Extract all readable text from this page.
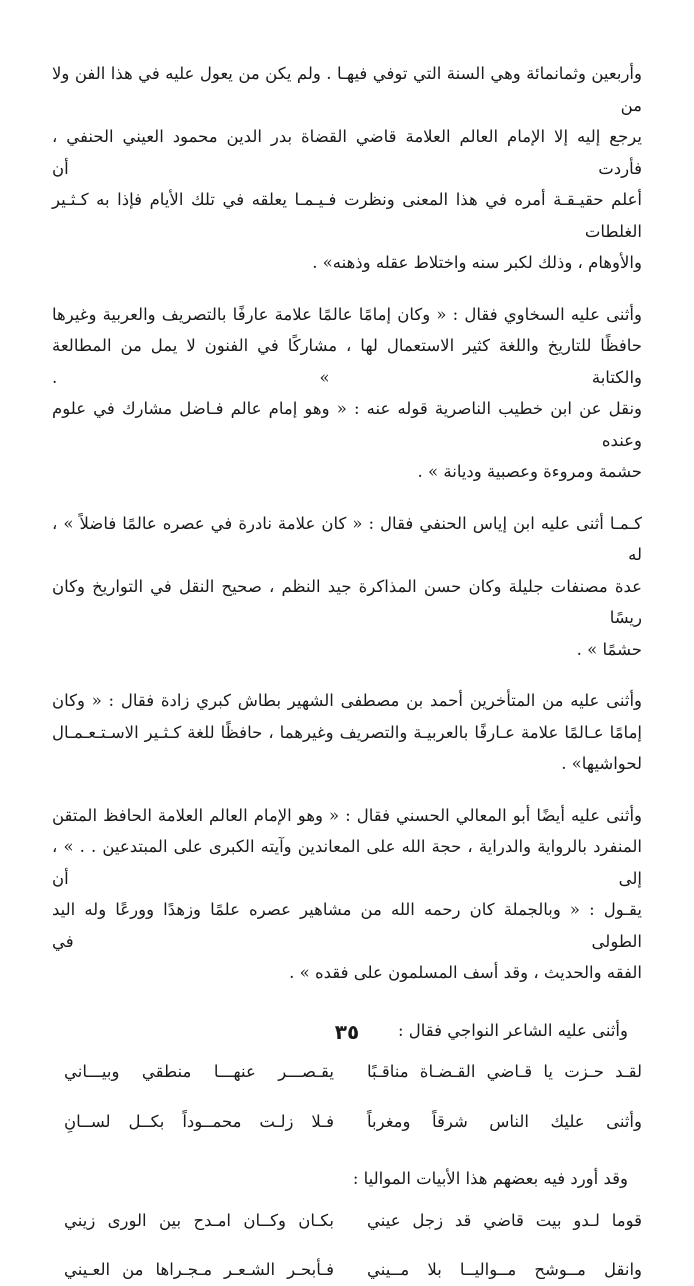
وأربعين وثمانمائة وهي السنة التي توفي فيهـا . ولم يكن من يعول عليه في هذا الفن ولا من
يرجع إليه إلا الإمام العالم العلامة قاضي القضاة بدر الدين محمود العيني الحنفي ، فأردت أن
أعلم حقيـقـة أمره في هذا المعنى ونظرت فـيـمـا يعلقه في تلك الأيام فإذا به كـثـير الغلطات
والأوهام ، وذلك لكبر سنه واختلاط عقله وذهنه» .

وأثنى عليه السخاوي فقال : « وكان إمامًا عالمًا علامة عارفًا بالتصريف والعربية وغيرها
حافظًا للتاريخ واللغة كثير الاستعمال لها ، مشاركًا في الفنون لا يمل من المطالعة والكتابة » .
ونقل عن ابن خطيب الناصرية قوله عنه : « وهو إمام عالم فـاضل مشارك في علوم وعنده
حشمة ومروءة وعصبية وديانة » .

كـمـا أثنى عليه ابن إياس الحنفي فقال : « كان علامة نادرة في عصره عالمًا فاضلاً » ، له
عدة مصنفات جليلة وكان حسن المذاكرة جيد النظم ، صحيح النقل في التواريخ وكان ريسًا
حشمًا » .

وأثنى عليه من المتأخرين أحمد بن مصطفى الشهير بطاش كبري زادة فقال : « وكان
إمامًا عـالمًا علامة عـارفًا بالعربيـة والتصريف وغيرهما ، حافظًا للغة كـثـير الاسـتـعـمـال
لحواشيها» .

وأثنى عليه أيضًا أبو المعالي الحسني فقال : « وهو الإمام العالم العلامة الحافظ المتقن
المنفرد بالرواية والدراية ، حجة الله على المعاندين وآيته الكبرى على المبتدعين . . » ، إلى أن
يقـول : « وبالجملة كان رحمه الله من مشاهير عصره علمًا وزهدًا وورعًا وله اليد الطولى في
الفقه والحديث ، وقد أسف المسلمون على فقده » .

وأثنى عليه الشاعر النواجي فقال :

لقـد حـزت يا قـاضي القـضـاة مناقـبًا
يقـصـــر عنهـــا منطقي وبيـــاني
وأثنى عليك الناس شرقاً ومغرباً
فـلا زلـت محمــوداً بكــل لســانِ

وقد أورد فيه بعضهم هذا الأبيات المواليا :

قوما لـدو بيت قاضي قد زجل عيني
بكـان وكــان امـدح بين الورى زيني
وانقل مــوشح مــواليــا بلا مــيني
فـأبحـر الشـعـر مـجـراها من العـيني
٣٥
